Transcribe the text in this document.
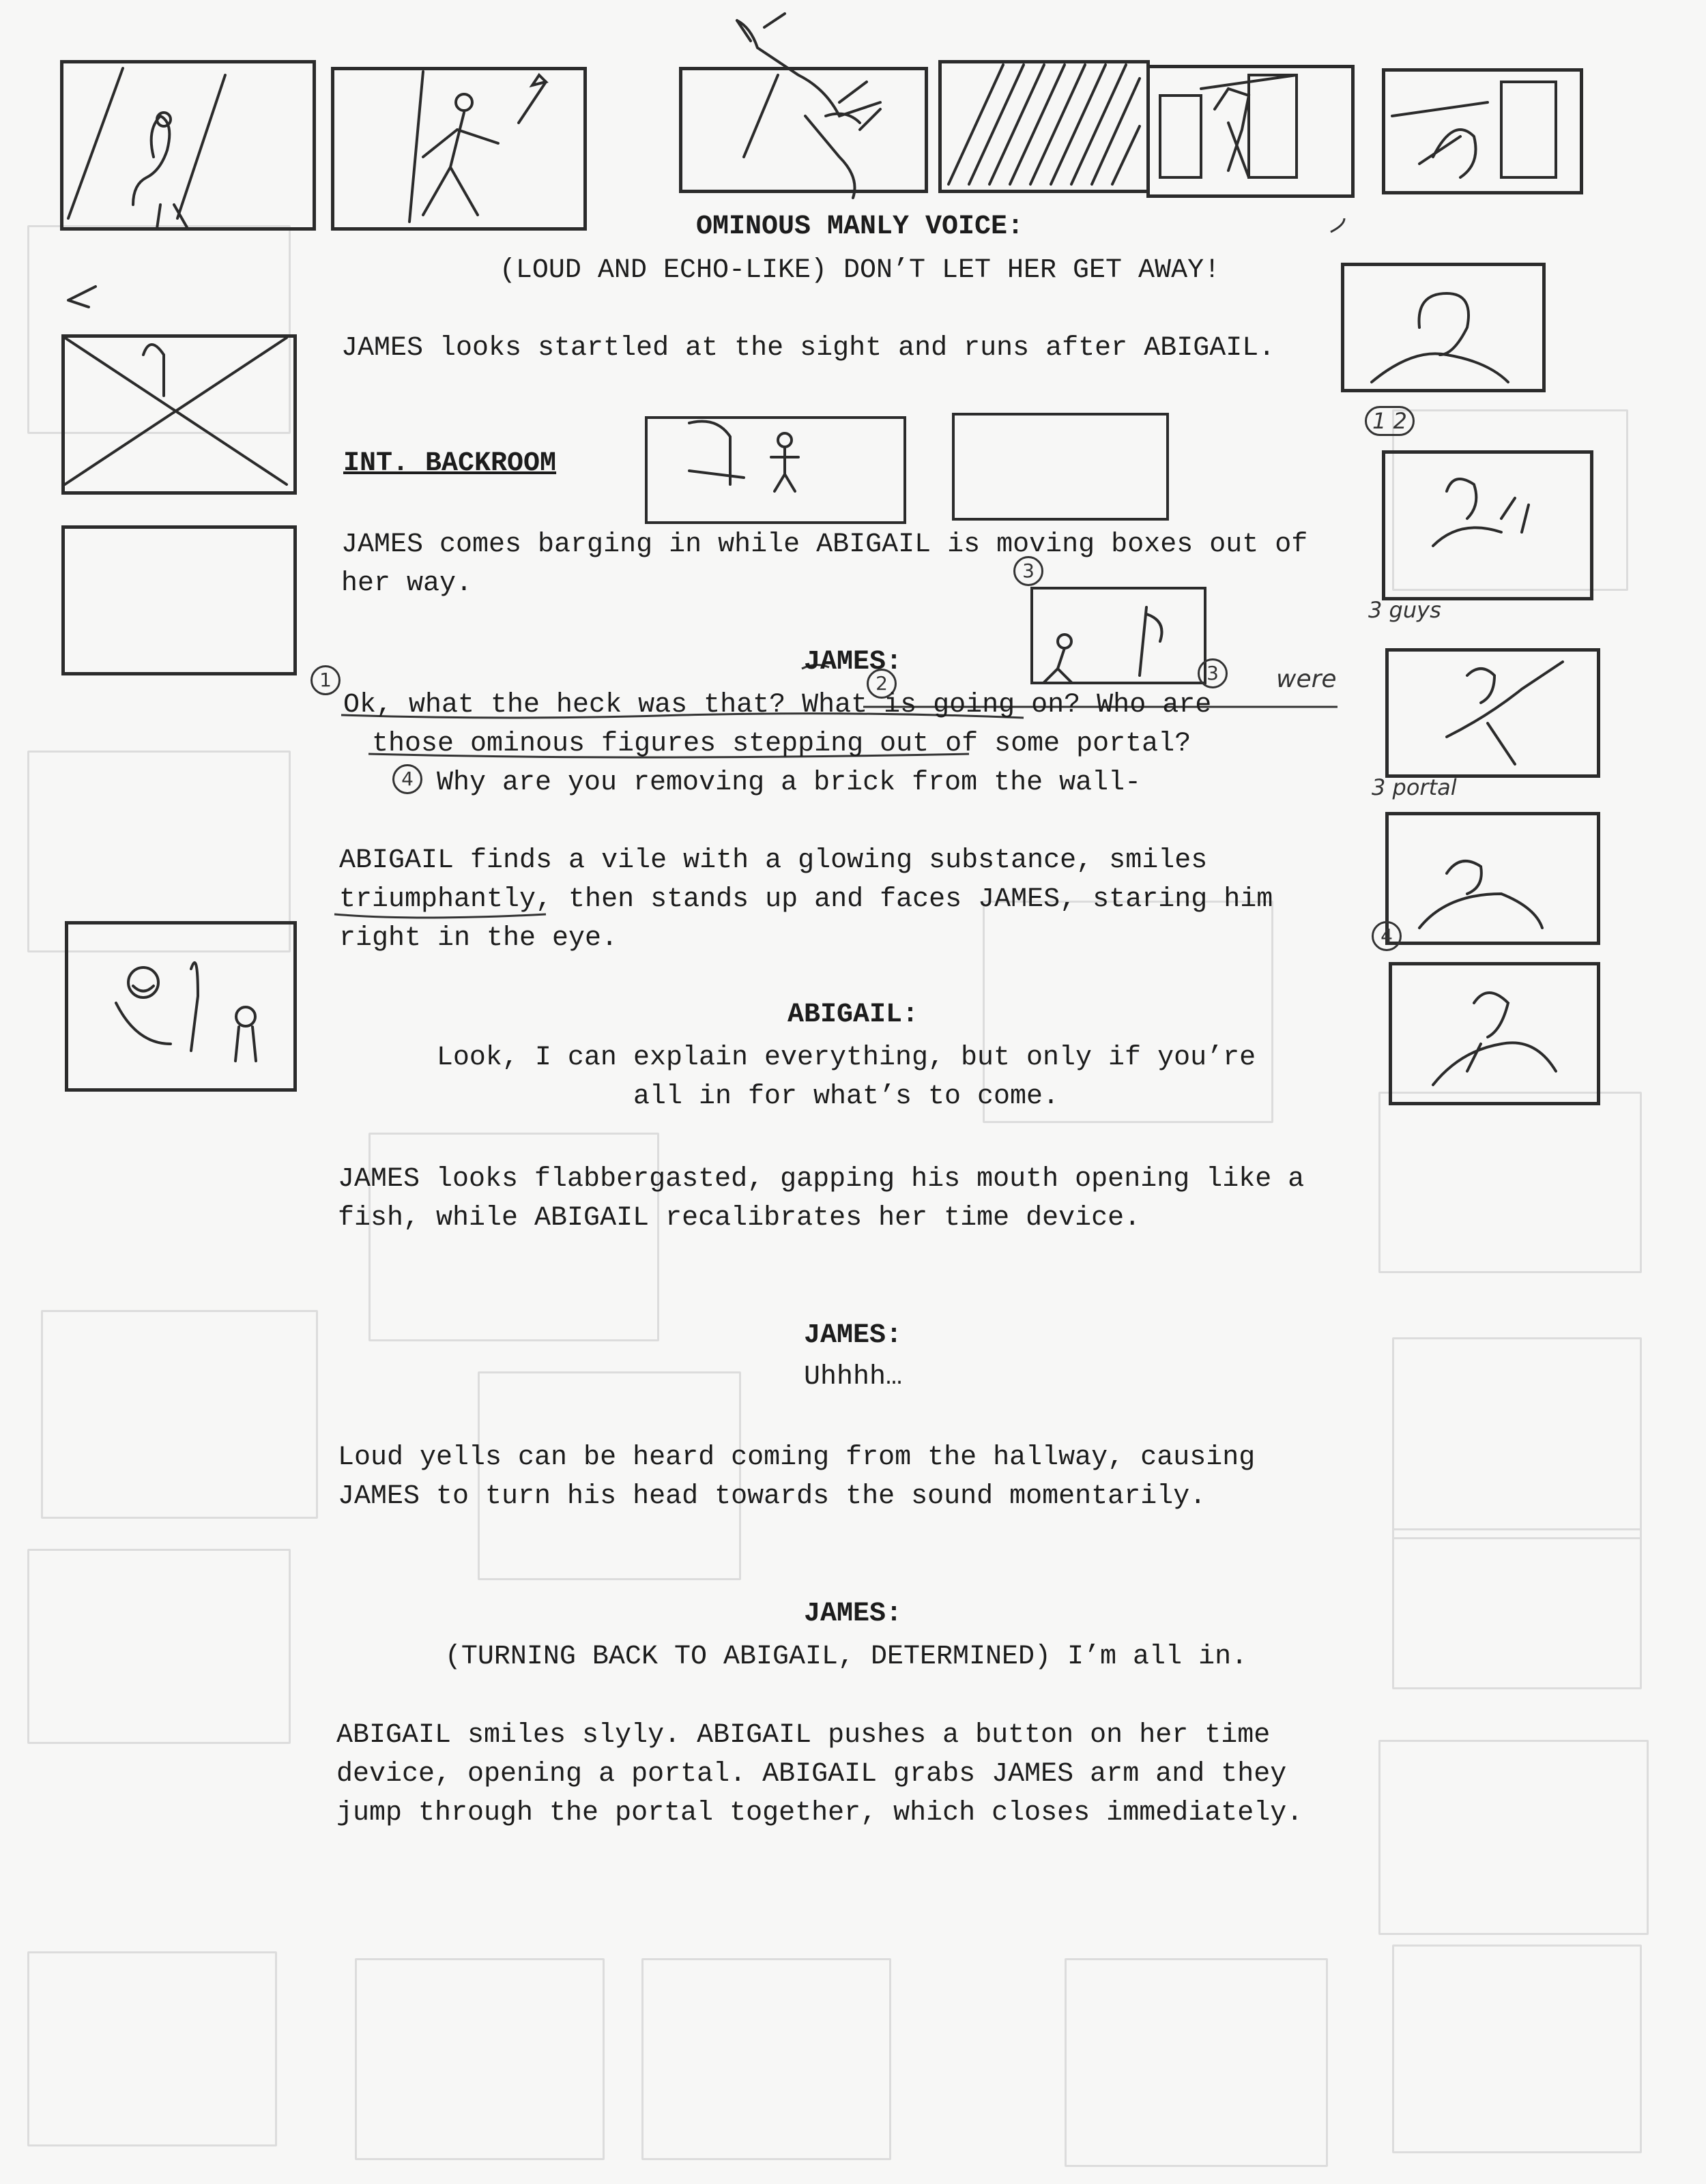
1	2	3
4
3
were
1 2
3 guys
3 portal
4
OMINOUS MANLY VOICE:
(LOUD AND ECHO-LIKE) DON’T LET HER GET AWAY!
JAMES looks startled at the sight and runs after ABIGAIL.
INT. BACKROOM
JAMES comes barging in while ABIGAIL is moving boxes out of her way.
JAMES:
Ok, what the heck was that? What is going on? Who are
those ominous figures stepping out of some portal?
Why are you removing a brick from the wall-
ABIGAIL finds a vile with a glowing substance, smiles triumphantly, then stands up and faces JAMES, staring him right in the eye.
ABIGAIL:
Look, I can explain everything, but only if you’re
all in for what’s to come.
JAMES looks flabbergasted, gapping his mouth opening like a fish, while ABIGAIL recalibrates her time device.
JAMES:
Uhhhh…
Loud yells can be heard coming from the hallway, causing JAMES to turn his head towards the sound momentarily.
JAMES:
(TURNING BACK TO ABIGAIL, DETERMINED) I’m all in.
ABIGAIL smiles slyly. ABIGAIL pushes a button on her time device, opening a portal. ABIGAIL grabs JAMES arm and they jump through the portal together, which closes immediately.
